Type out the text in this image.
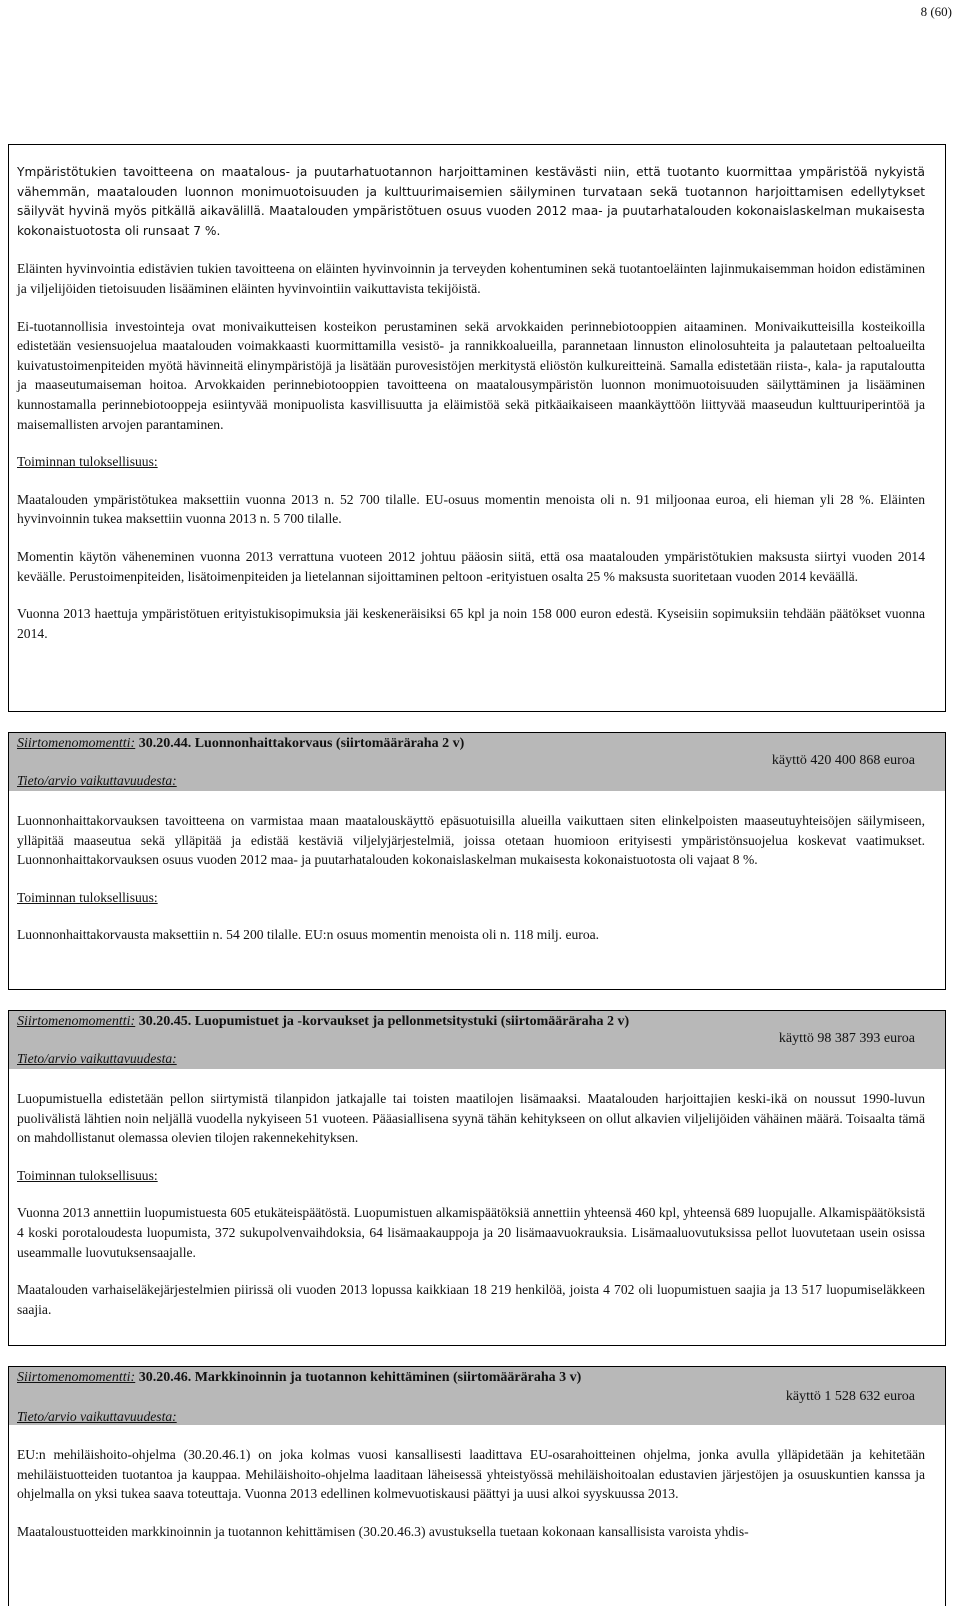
8 (60)

Ympäristötukien tavoitteena on maatalous- ja puutarhatuotannon harjoittaminen kestävästi niin, että tuotanto kuormittaa ympäristöä nykyistä vähemmän, maatalouden luonnon monimuotoisuuden ja kulttuurimaisemien säilyminen turvataan sekä tuotannon harjoittamisen edellytykset säilyvät hyvinä myös pitkällä aikavälillä. Maatalouden ympäristötuen osuus vuoden 2012 maa- ja puutarhatalouden kokonaislaskelman mukaisesta kokonaistuotosta oli runsaat 7 %.

Eläinten hyvinvointia edistävien tukien tavoitteena on eläinten hyvinvoinnin ja terveyden kohentuminen sekä tuotantoeläinten lajinmukaisemman hoidon edistäminen ja viljelijöiden tietoisuuden lisääminen eläinten hyvinvointiin vaikuttavista tekijöistä.

Ei-tuotannollisia investointeja ovat monivaikutteisen kosteikon perustaminen sekä arvokkaiden perinnebiotooppien aitaaminen. Monivaikutteisilla kosteikoilla edistetään vesiensuojelua maatalouden voimakkaasti kuormittamilla vesistö- ja rannikkoalueilla, parannetaan linnuston elinolosuhteita ja palautetaan peltoalueilta kuivatustoimenpiteiden myötä hävinneitä elinympäristöjä ja lisätään purovesistöjen merkitystä eliöstön kulkureitteinä. Samalla edistetään riista-, kala- ja raputaloutta ja maaseutumaiseman hoitoa. Arvokkaiden perinnebiotooppien tavoitteena on maatalousympäristön luonnon monimuotoisuuden säilyttäminen ja lisääminen kunnostamalla perinnebiotooppeja esiintyvää monipuolista kasvillisuutta ja eläimistöä sekä pitkäaikaiseen maankäyttöön liittyvää maaseudun kulttuuriperintöä ja maisemallisten arvojen parantaminen.

Toiminnan tuloksellisuus:

Maatalouden ympäristötukea maksettiin vuonna 2013 n. 52 700 tilalle. EU-osuus momentin menoista oli n. 91 miljoonaa euroa, eli hieman yli 28 %. Eläinten hyvinvoinnin tukea maksettiin vuonna 2013 n. 5 700 tilalle.

Momentin käytön väheneminen vuonna 2013 verrattuna vuoteen 2012 johtuu pääosin siitä, että osa maatalouden ympäristötukien maksusta siirtyi vuoden 2014 keväälle. Perustoimenpiteiden, lisätoimenpiteiden ja lietelannan sijoittaminen peltoon -erityistuen osalta 25 % maksusta suoritetaan vuoden 2014 keväällä.

Vuonna 2013 haettuja ympäristötuen erityistukisopimuksia jäi keskeneräisiksi 65 kpl ja noin 158 000 euron edestä. Kyseisiin sopimuksiin tehdään päätökset vuonna 2014.

Siirtomenomomentti: 30.20.44. Luonnonhaittakorvaus (siirtomääräraha 2 v)
käyttö 420 400 868 euroa
Tieto/arvio vaikuttavuudesta:

Luonnonhaittakorvauksen tavoitteena on varmistaa maan maatalouskäyttö epäsuotuisilla alueilla vaikuttaen siten elinkelpoisten maaseutuyhteisöjen säilymiseen, ylläpitää maaseutua sekä ylläpitää ja edistää kestäviä viljelyjärjestelmiä, joissa otetaan huomioon erityisesti ympäristönsuojelua koskevat vaatimukset. Luonnonhaittakorvauksen osuus vuoden 2012 maa- ja puutarhatalouden kokonaislaskelman mukaisesta kokonaistuotosta oli vajaat 8 %.

Toiminnan tuloksellisuus:

Luonnonhaittakorvausta maksettiin n. 54 200 tilalle. EU:n osuus momentin menoista oli n. 118 milj. euroa.

Siirtomenomomentti: 30.20.45. Luopumistuet ja -korvaukset ja pellonmetsitystuki (siirtomääräraha 2 v)
käyttö 98 387 393 euroa
Tieto/arvio vaikuttavuudesta:

Luopumistuella edistetään pellon siirtymistä tilanpidon jatkajalle tai toisten maatilojen lisämaaksi. Maatalouden harjoittajien keski-ikä on noussut 1990-luvun puolivälistä lähtien noin neljällä vuodella nykyiseen 51 vuoteen. Pääasiallisena syynä tähän kehitykseen on ollut alkavien viljelijöiden vähäinen määrä. Toisaalta tämä on mahdollistanut olemassa olevien tilojen rakennekehityksen.

Toiminnan tuloksellisuus:

Vuonna 2013 annettiin luopumistuesta 605 etukäteispäätöstä. Luopumistuen alkamispäätöksiä annettiin yhteensä 460 kpl, yhteensä 689 luopujalle. Alkamispäätöksistä 4 koski porotaloudesta luopumista, 372 sukupolvenvaihdoksia, 64 lisämaakauppoja ja 20 lisämaavuokrauksia. Lisämaaluovutuksissa pellot luovutetaan usein osissa useammalle luovutuksensaajalle.

Maatalouden varhaiseläkejärjestelmien piirissä oli vuoden 2013 lopussa kaikkiaan 18 219 henkilöä, joista 4 702 oli luopumistuen saajia ja 13 517 luopumiseläkkeen saajia.

Siirtomenomomentti: 30.20.46. Markkinoinnin ja tuotannon kehittäminen (siirtomääräraha 3 v)
käyttö 1 528 632 euroa
Tieto/arvio vaikuttavuudesta:

EU:n mehiläishoito-ohjelma (30.20.46.1) on joka kolmas vuosi kansallisesti laadittava EU-osarahoitteinen ohjelma, jonka avulla ylläpidetään ja kehitetään mehiläistuotteiden tuotantoa ja kauppaa. Mehiläishoito-ohjelma laaditaan läheisessä yhteistyössä mehiläishoitoalan edustavien järjestöjen ja osuuskuntien kanssa ja ohjelmalla on yksi tukea saava toteuttaja. Vuonna 2013 edellinen kolmevuotiskausi päättyi ja uusi alkoi syyskuussa 2013.

Maataloustuotteiden markkinoinnin ja tuotannon kehittämisen (30.20.46.3) avustuksella tuetaan kokonaan kansallisista varoista yhdis-
